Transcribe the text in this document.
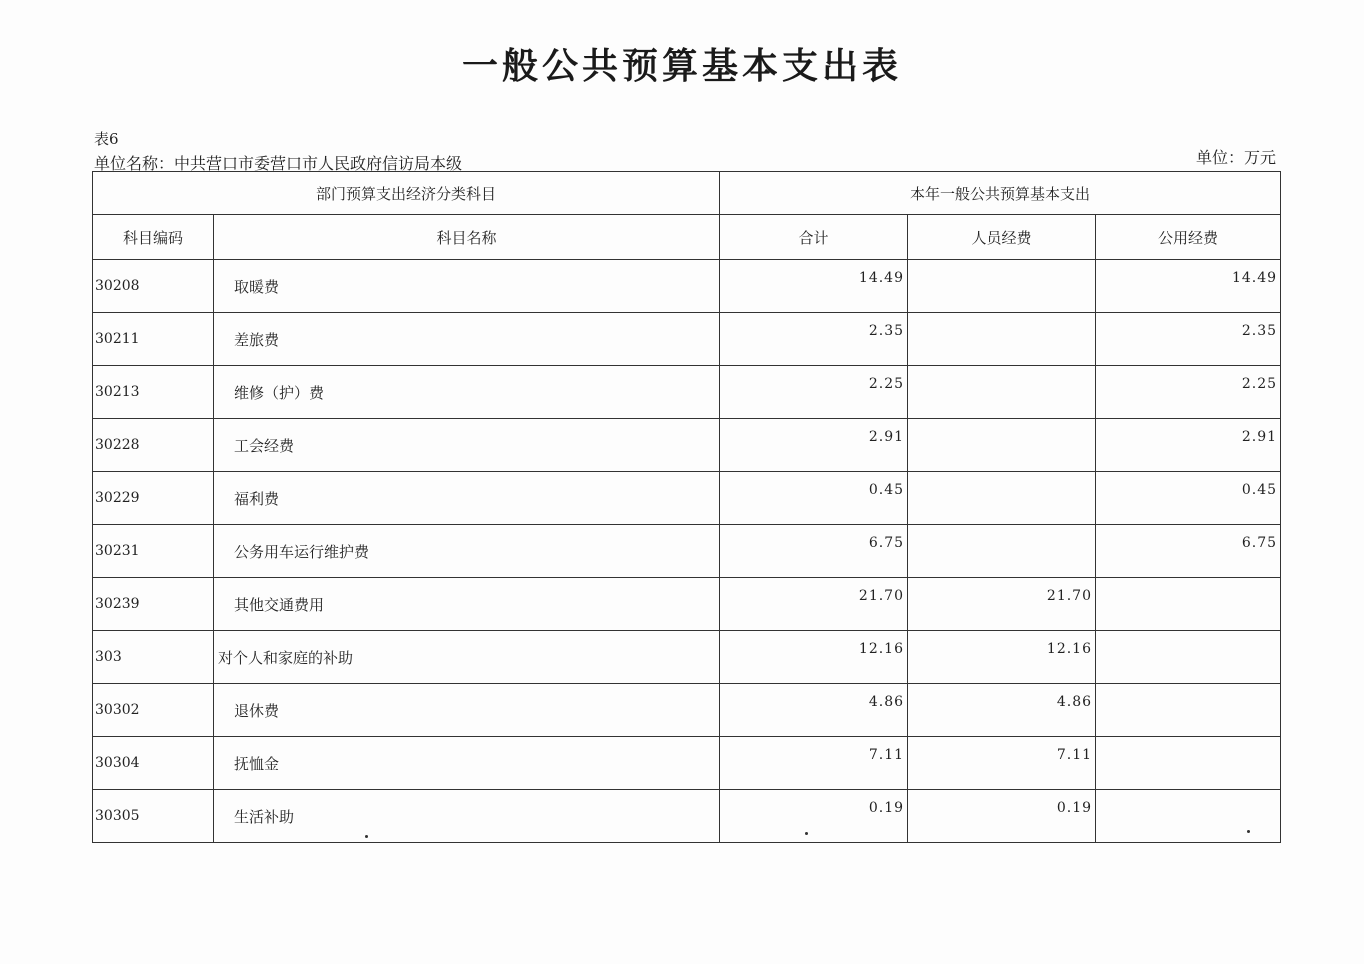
一般公共预算基本支出表
表6
单位名称：中共营口市委营口市人民政府信访局本级	单位：万元
部门预算支出经济分类科目		本年一般公共预算基本支出		
科目编码	科目名称	合计	人员经费	公用经费
30208	取暖费	14.49		14.49
30211	差旅费	2.35		2.35
30213	维修（护）费	2.25		2.25
30228	工会经费	2.91		2.91
30229	福利费	0.45		0.45
30231	公务用车运行维护费	6.75		6.75
30239	其他交通费用	21.70	21.70	
303	对个人和家庭的补助	12.16	12.16	
30302	退休费	4.86	4.86	
30304	抚恤金	7.11	7.11	
30305	生活补助	0.19	0.19	
